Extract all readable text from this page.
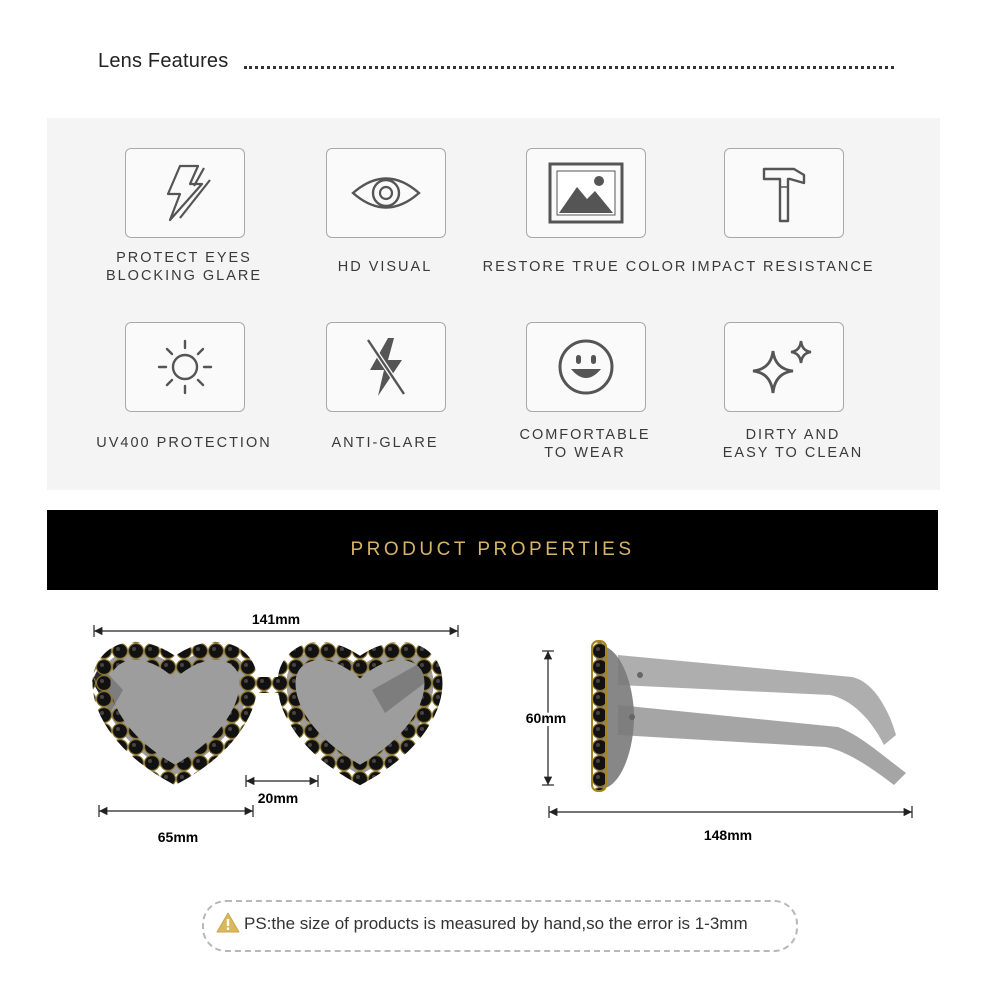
Lens Features
PROTECT EYES
BLOCKING GLARE
HD VISUAL	RESTORE TRUE COLOR IMPACT RESISTANCE
UV400 PROTECTION	ANTI-GLARE	COMFORTABLE
TO WEAR
DIRTY AND
EASY TO CLEAN
PRODUCT PROPERTIES
141mm
20mm
65mm
60mm
148mm
PS:the size of products is measured by hand,so the error is 1-3mm
